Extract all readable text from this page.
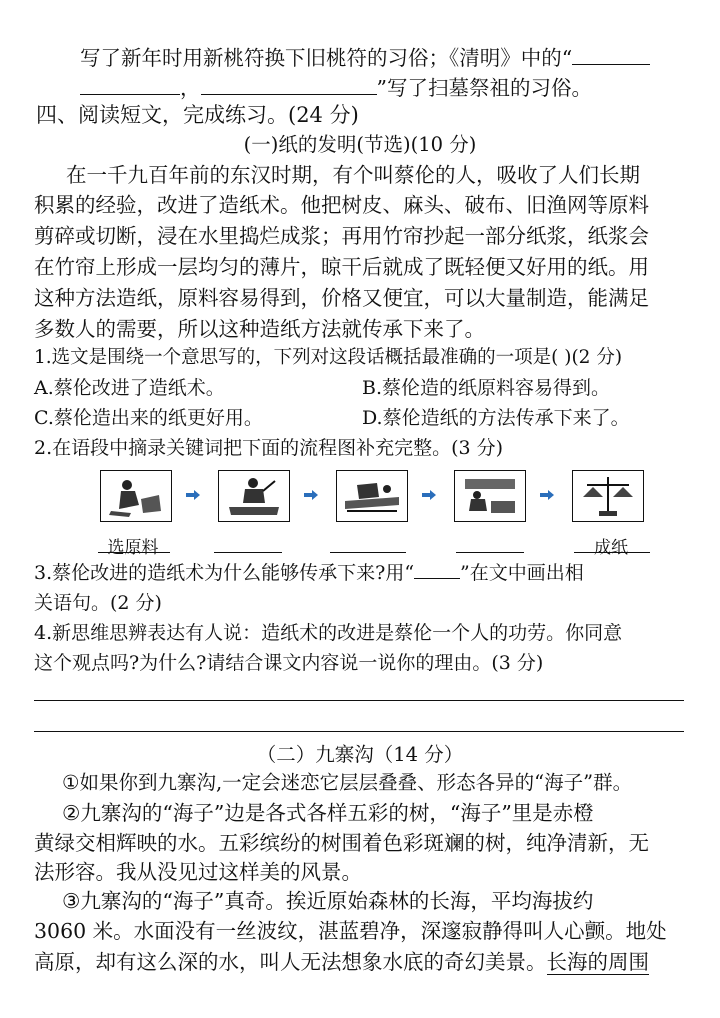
写了新年时用新桃符换下旧桃符的习俗；《清明》中的“
，	”写了扫墓祭祖的习俗。
四、阅读短文，完成练习。(24 分)
(一)纸的发明(节选)(10 分)
在一千九百年前的东汉时期，有个叫蔡伦的人，吸收了人们长期
积累的经验，改进了造纸术。他把树皮、麻头、破布、旧渔网等原料
剪碎或切断，浸在水里捣烂成浆；再用竹帘抄起一部分纸浆，纸浆会
在竹帘上形成一层均匀的薄片，晾干后就成了既轻便又好用的纸。用
这种方法造纸，原料容易得到，价格又便宜，可以大量制造，能满足
多数人的需要，所以这种造纸方法就传承下来了。
1.选文是围绕一个意思写的，下列对这段话概括最准确的一项是( )(2 分)
A.蔡伦改进了造纸术。	B.蔡伦造的纸原料容易得到。
C.蔡伦造出来的纸更好用。	D.蔡伦造纸的方法传承下来了。
2.在语段中摘录关键词把下面的流程图补充完整。(3 分)
选原料	成纸
3.蔡伦改进的造纸术为什么能够传承下来?用“ ”在文中画出相
关语句。(2 分)
4.新思维思辨表达有人说：造纸术的改进是蔡伦一个人的功劳。你同意
这个观点吗?为什么?请结合课文内容说一说你的理由。(3 分)
（二）九寨沟（14 分）
①如果你到九寨沟,一定会迷恋它层层叠叠、形态各异的“海子”群。
②九寨沟的“海子”边是各式各样五彩的树，“海子”里是赤橙
黄绿交相辉映的水。五彩缤纷的树围着色彩斑斓的树，纯净清新，无
法形容。我从没见过这样美的风景。
③九寨沟的“海子”真奇。挨近原始森林的长海，平均海拔约
3060 米。水面没有一丝波纹，湛蓝碧净，深邃寂静得叫人心颤。地处
高原，却有这么深的水，叫人无法想象水底的奇幻美景。长海的周围
